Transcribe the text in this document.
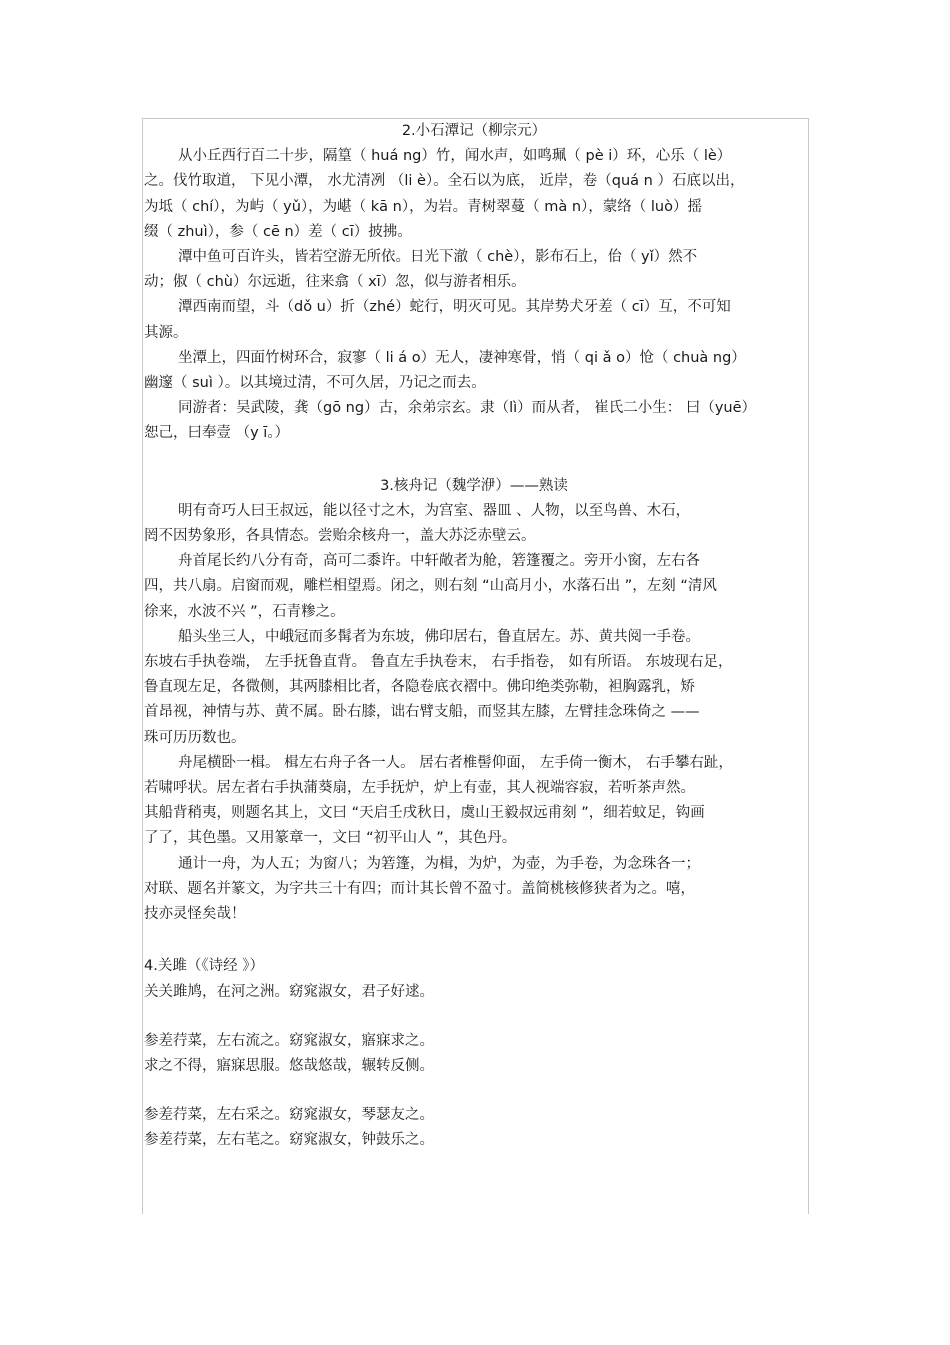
2.小石潭记（柳宗元）

从小丘西行百二十步，隔篁（ huá ng）竹，闻水声，如鸣珮（ pè i）环，心乐（ lè）

之。伐竹取道， 下见小潭， 水尤清冽 （li è）。全石以为底， 近岸，卷（quá n ）石底以出，

为坻（ chí），为屿（ yǔ），为嵁（ kā n），为岩。青树翠蔓（ mà n），蒙络（ luò）摇

缀（ zhuì），参（ cē n）差（ cī）披拂。

潭中鱼可百许头，皆若空游无所依。日光下澈（ chè），影布石上，佁（ yǐ）然不

动；俶（ chù）尔远逝，往来翕（ xī）忽，似与游者相乐。

潭西南而望，斗（dǒ u）折（zhé）蛇行，明灭可见。其岸势犬牙差（ cī）互，不可知

其源。

坐潭上，四面竹树环合，寂寥（ li á o）无人，凄神寒骨，悄（ qi ǎ o）怆（ chuà ng）

幽邃（ suì ）。以其境过清，不可久居，乃记之而去。

同游者：吴武陵，龚（gō ng）古，余弟宗玄。隶（lì）而从者， 崔氏二小生： 曰（yuē）

恕己，曰奉壹 （y ī。）

3.核舟记（魏学洢）——熟读

明有奇巧人曰王叔远，能以径寸之木，为宫室、器皿 、人物，以至鸟兽、木石，

罔不因势象形，各具情态。尝贻余核舟一，盖大苏泛赤壁云。

舟首尾长约八分有奇，高可二黍许。中轩敞者为舱，箬篷覆之。旁开小窗，左右各

四，共八扇。启窗而观，雕栏相望焉。闭之，则右刻 “山高月小，水落石出 ”，左刻 “清风

徐来，水波不兴 ”，石青糁之。

船头坐三人，中峨冠而多髯者为东坡，佛印居右，鲁直居左。苏、黄共阅一手卷。

东坡右手执卷端， 左手抚鲁直背。 鲁直左手执卷末， 右手指卷， 如有所语。 东坡现右足，

鲁直现左足，各微侧，其两膝相比者，各隐卷底衣褶中。佛印绝类弥勒，袒胸露乳，矫

首昂视，神情与苏、黄不属。卧右膝，诎右臂支船，而竖其左膝，左臂挂念珠倚之 ——

珠可历历数也。

舟尾横卧一楫。 楫左右舟子各一人。 居右者椎髻仰面， 左手倚一衡木， 右手攀右趾，

若啸呼状。居左者右手执蒲葵扇，左手抚炉，炉上有壶，其人视端容寂，若听茶声然。

其船背稍夷，则题名其上，文曰 “天启壬戌秋日，虞山王毅叔远甫刻 ”，细若蚊足，钩画

了了，其色墨。又用篆章一，文曰 “初平山人 ”，其色丹。

通计一舟，为人五；为窗八；为箬篷，为楫，为炉，为壶，为手卷，为念珠各一；

对联、题名并篆文，为字共三十有四；而计其长曾不盈寸。盖简桃核修狭者为之。嘻，

技亦灵怪矣哉！

4.关雎（《诗经 》）

关关雎鸠，在河之洲。窈窕淑女，君子好逑。

参差荇菜，左右流之。窈窕淑女，寤寐求之。

求之不得，寤寐思服。悠哉悠哉，辗转反侧。

参差荇菜，左右采之。窈窕淑女，琴瑟友之。

参差荇菜，左右芼之。窈窕淑女，钟鼓乐之。
